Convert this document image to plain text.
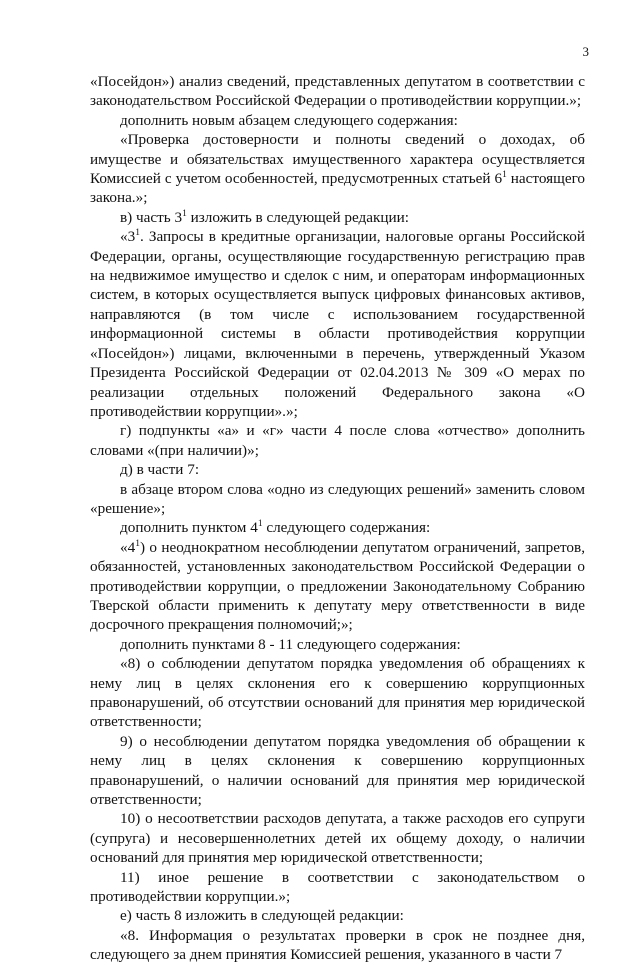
3

«Посейдон») анализ сведений, представленных депутатом в соответствии с законодательством Российской Федерации о противодействии коррупции.»;

дополнить новым абзацем следующего содержания:

«Проверка достоверности и полноты сведений о доходах, об имуществе и обязательствах имущественного характера осуществляется Комиссией с учетом особенностей, предусмотренных статьей $6^1$ настоящего закона.»;

в) часть $3^1$ изложить в следующей редакции:

«$3^1$. Запросы в кредитные организации, налоговые органы Российской Федерации, органы, осуществляющие государственную регистрацию прав на недвижимое имущество и сделок с ним, и операторам информационных систем, в которых осуществляется выпуск цифровых финансовых активов, направляются (в том числе с использованием государственной информационной системы в области противодействия коррупции «Посейдон») лицами, включенными в перечень, утвержденный Указом Президента Российской Федерации от 02.04.2013 № 309 «О мерах по реализации отдельных положений Федерального закона «О противодействии коррупции».»;

г) подпункты «а» и «г» части 4 после слова «отчество» дополнить словами «(при наличии)»;

д) в части 7:

в абзаце втором слова «одно из следующих решений» заменить словом «решение»;

дополнить пунктом $4^1$ следующего содержания:

«$4^1$) о неоднократном несоблюдении депутатом ограничений, запретов, обязанностей, установленных законодательством Российской Федерации о противодействии коррупции, о предложении Законодательному Собранию Тверской области применить к депутату меру ответственности в виде досрочного прекращения полномочий;»;

дополнить пунктами 8 - 11 следующего содержания:

«8) о соблюдении депутатом порядка уведомления об обращениях к нему лиц в целях склонения его к совершению коррупционных правонарушений, об отсутствии оснований для принятия мер юридической ответственности;

9) о несоблюдении депутатом порядка уведомления об обращении к нему лиц в целях склонения к совершению коррупционных правонарушений, о наличии оснований для принятия мер юридической ответственности;

10) о несоответствии расходов депутата, а также расходов его супруги (супруга) и несовершеннолетних детей их общему доходу, о наличии оснований для принятия мер юридической ответственности;

11) иное решение в соответствии с законодательством о противодействии коррупции.»;

е) часть 8 изложить в следующей редакции:

«8. Информация о результатах проверки в срок не позднее дня, следующего за днем принятия Комиссией решения, указанного в части 7
